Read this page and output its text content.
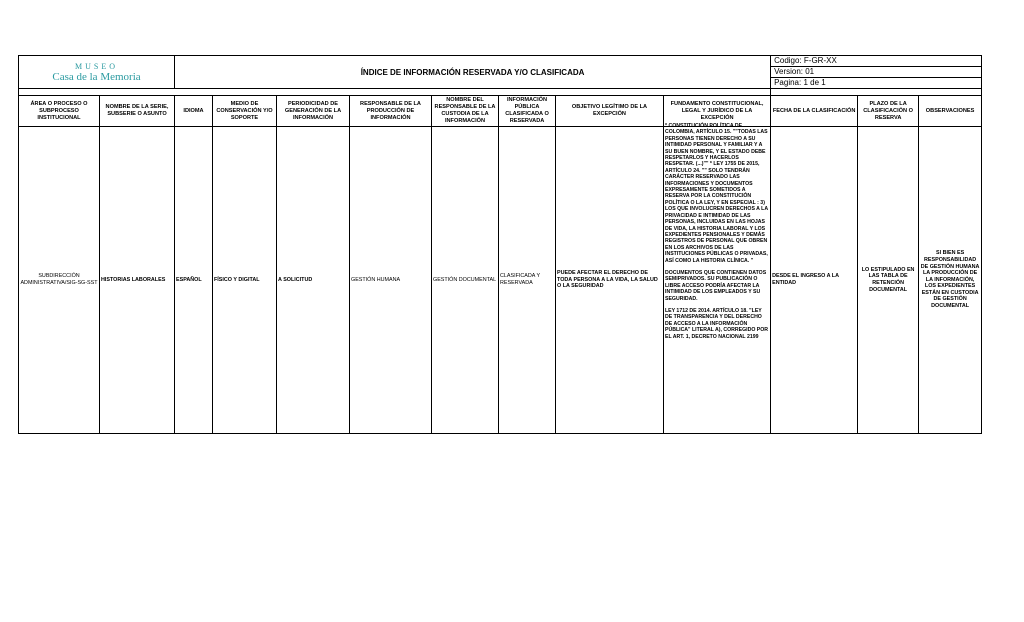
MUSEO
Casa de la Memoria		ÍNDICE DE INFORMACIÓN RESERVADA Y/O CLASIFICADA								Codigo: F-GR-XX		
										Version: 01		
										Pagina: 1 de 1		

ÁREA O PROCESO O SUBPROCESO INSTITUCIONAL	NOMBRE DE LA SERIE, SUBSERIE O ASUNTO	IDIOMA	MEDIO DE CONSERVACIÓN Y/O SOPORTE	PERIODICIDAD DE GENERACIÓN DE LA INFORMACIÓN	RESPONSABLE DE LA PRODUCCIÓN DE INFORMACIÓN	NOMBRE DEL RESPONSABLE DE LA CUSTODIA DE LA INFORMACIÓN	INFORMACIÓN PÚBLICA CLASIFICADA O RESERVADA	OBJETIVO LEGÍTIMO DE LA EXCEPCIÓN	FUNDAMENTO CONSTITUCIONAL, LEGAL Y JURÍDICO DE LA EXCEPCIÓN	FECHA DE LA CLASIFICACIÓN	PLAZO DE LA CLASIFICACIÓN O RESERVA	OBSERVACIONES
SUBDIRECCIÓN ADMINISTRATIVA/SIG-SG-SST	HISTORIAS LABORALES	ESPAÑOL	FÍSICO Y DIGITAL	A SOLICITUD	GESTIÓN HUMANA	GESTIÓN DOCUMENTAL	CLASIFICADA Y RESERVADA	PUEDE AFECTAR EL DERECHO DE TODA PERSONA A LA VIDA, LA SALUD O LA SEGURIDAD	* CONSTITUCIÓN POLÍTICA DE COLOMBIA, ARTÍCULO 15. ""TODAS LAS PERSONAS TIENEN DERECHO A SU INTIMIDAD PERSONAL Y FAMILIAR Y A SU BUEN NOMBRE, Y EL ESTADO DEBE RESPETARLOS Y HACERLOS RESPETAR. (...)"" * LEY 1755 DE 2015, ARTÍCULO 24. "" SOLO TENDRÁN CARÁCTER RESERVADO LAS INFORMACIONES Y DOCUMENTOS EXPRESAMENTE SOMETIDOS A RESERVA POR LA CONSTITUCIÓN POLÍTICA O LA LEY, Y EN ESPECIAL : 3) LOS QUE INVOLUCREN DERECHOS A LA PRIVACIDAD E INTIMIDAD DE LAS PERSONAS, INCLUIDAS EN LAS HOJAS DE VIDA, LA HISTORIA LABORAL Y LOS EXPEDIENTES PENSIONALES Y DEMÁS REGISTROS DE PERSONAL QUE OBREN EN LOS ARCHIVOS DE LAS INSTITUCIONES PÚBLICAS O PRIVADAS, ASÍ COMO LA HISTORIA CLÍNICA. "

DOCUMENTOS QUE CONTIENEN DATOS SEMIPRIVADOS. SU PUBLICACIÓN O LIBRE ACCESO PODRÍA AFECTAR LA INTIMIDAD DE LOS EMPLEADOS Y SU SEGURIDAD.

LEY 1712 DE 2014. ARTÍCULO 18. "LEY DE TRANSPARENCIA Y DEL DERECHO DE ACCESO A LA INFORMACIÓN PÚBLICA" LITERAL A), CORREGIDO POR EL ART. 1, DECRETO NACIONAL 2199	DESDE EL INGRESO A LA ENTIDAD	LO ESTIPULADO EN LAS TABLA DE RETENCIÓN DOCUMENTAL	SI BIEN ES RESPONSABILIDAD DE GESTIÓN HUMANA LA PRODUCCIÓN DE LA INFORMACIÓN, LOS EXPEDIENTES ESTÁN EN CUSTODIA DE GESTIÓN DOCUMENTAL
